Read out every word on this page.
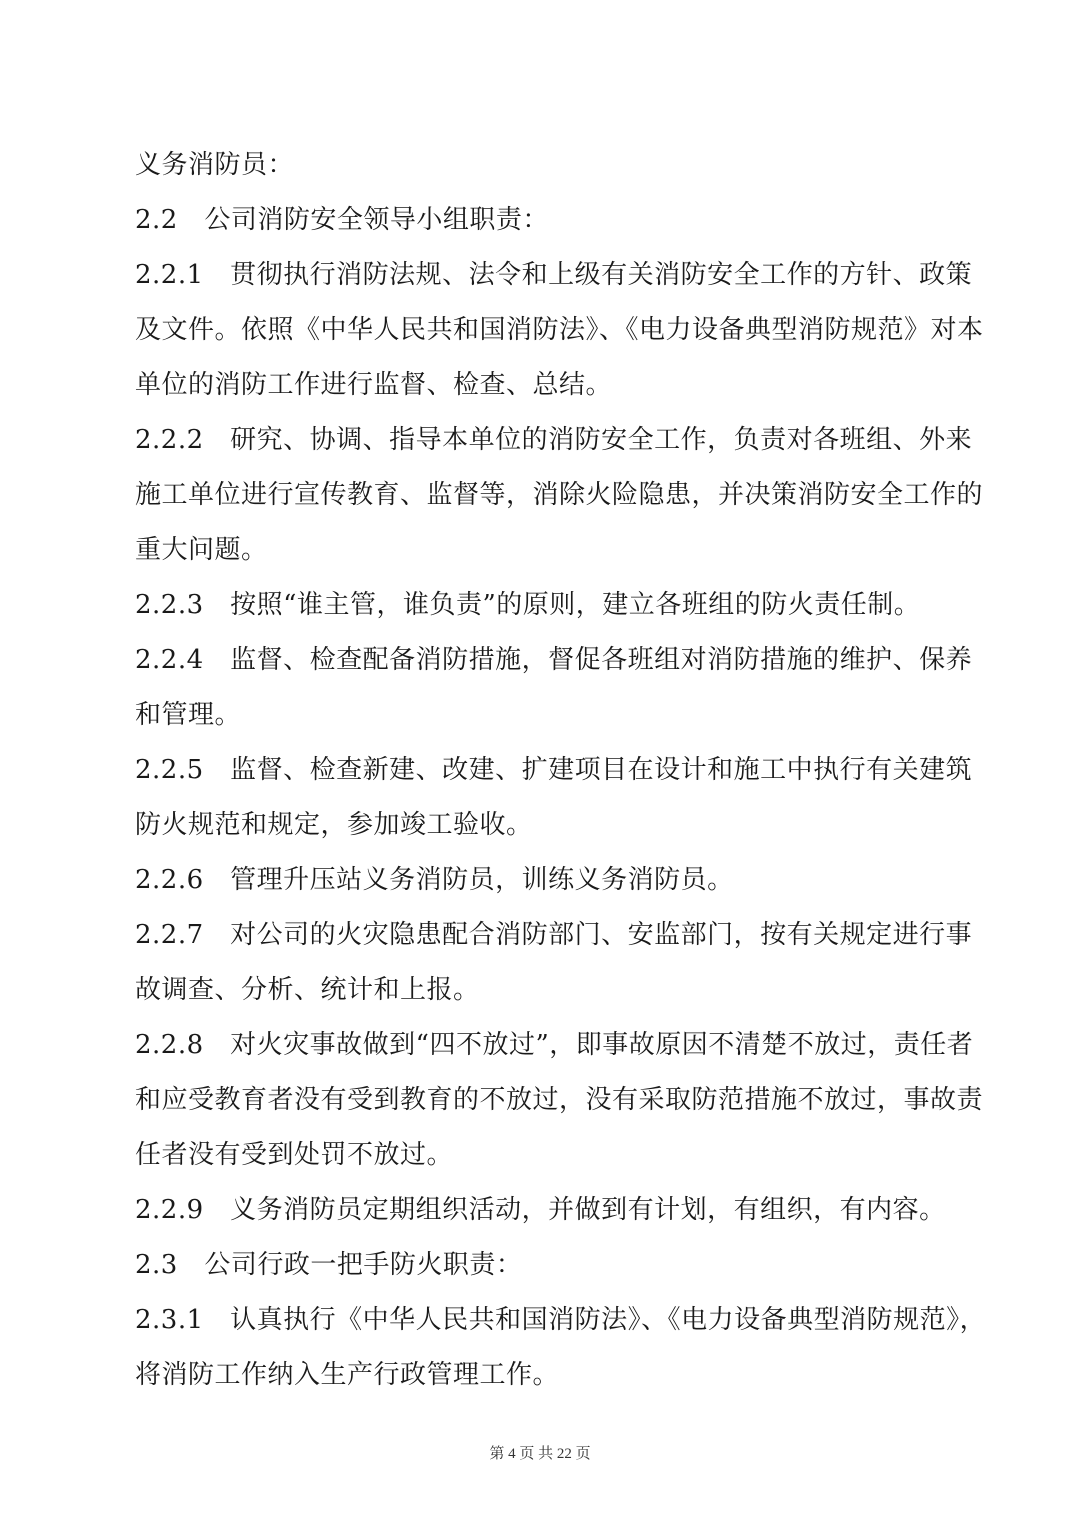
义务消防员：
2.2　公司消防安全领导小组职责：
2.2.1　贯彻执行消防法规、法令和上级有关消防安全工作的方针、政策
及文件。依照《中华人民共和国消防法》、《电力设备典型消防规范》对本
单位的消防工作进行监督、检查、总结。
2.2.2　研究、协调、指导本单位的消防安全工作，负责对各班组、外来
施工单位进行宣传教育、监督等，消除火险隐患，并决策消防安全工作的
重大问题。
2.2.3　按照“谁主管，谁负责”的原则，建立各班组的防火责任制。
2.2.4　监督、检查配备消防措施，督促各班组对消防措施的维护、保养
和管理。
2.2.5　监督、检查新建、改建、扩建项目在设计和施工中执行有关建筑
防火规范和规定，参加竣工验收。
2.2.6　管理升压站义务消防员，训练义务消防员。
2.2.7　对公司的火灾隐患配合消防部门、安监部门，按有关规定进行事
故调查、分析、统计和上报。
2.2.8　对火灾事故做到“四不放过”，即事故原因不清楚不放过，责任者
和应受教育者没有受到教育的不放过，没有采取防范措施不放过，事故责
任者没有受到处罚不放过。
2.2.9　义务消防员定期组织活动，并做到有计划，有组织，有内容。
2.3　公司行政一把手防火职责：
2.3.1　认真执行《中华人民共和国消防法》、《电力设备典型消防规范》，
将消防工作纳入生产行政管理工作。
第 4 页 共 22 页
